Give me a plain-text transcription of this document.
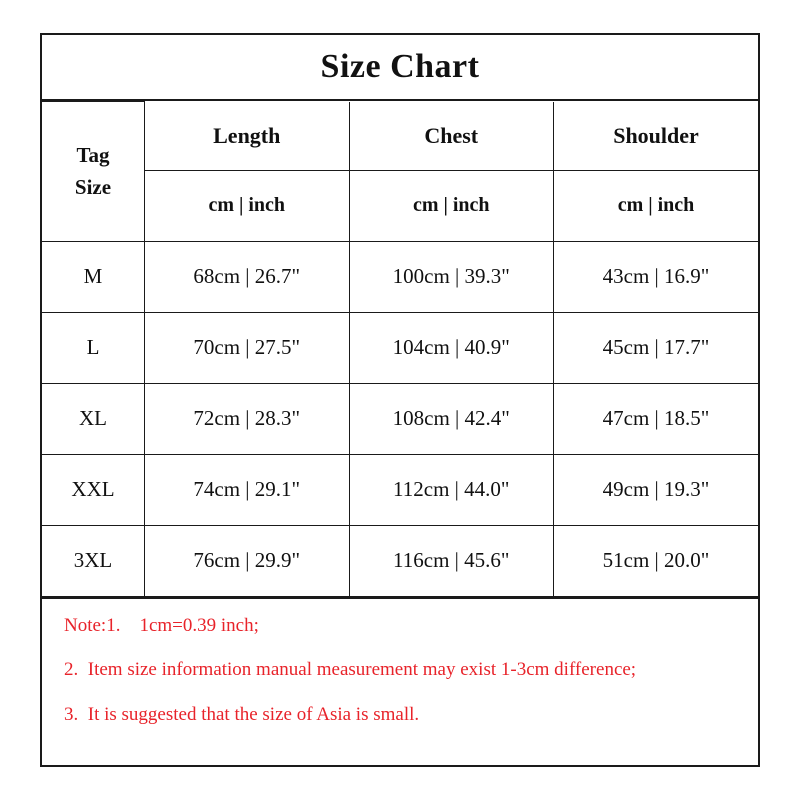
Size Chart
Tag
Size	Length	Chest	Shoulder
	cm | inch	cm | inch	cm | inch
M	68cm | 26.7"	100cm | 39.3"	43cm | 16.9"
L	70cm | 27.5"	104cm | 40.9"	45cm | 17.7"
XL	72cm | 28.3"	108cm | 42.4"	47cm | 18.5"
XXL	74cm | 29.1"	112cm | 44.0"	49cm | 19.3"
3XL	76cm | 29.9"	116cm | 45.6"	51cm | 20.0"

Note:1.    1cm=0.39 inch;

2.  Item size information manual measurement may exist 1-3cm difference;

3.  It is suggested that the size of Asia is small.
